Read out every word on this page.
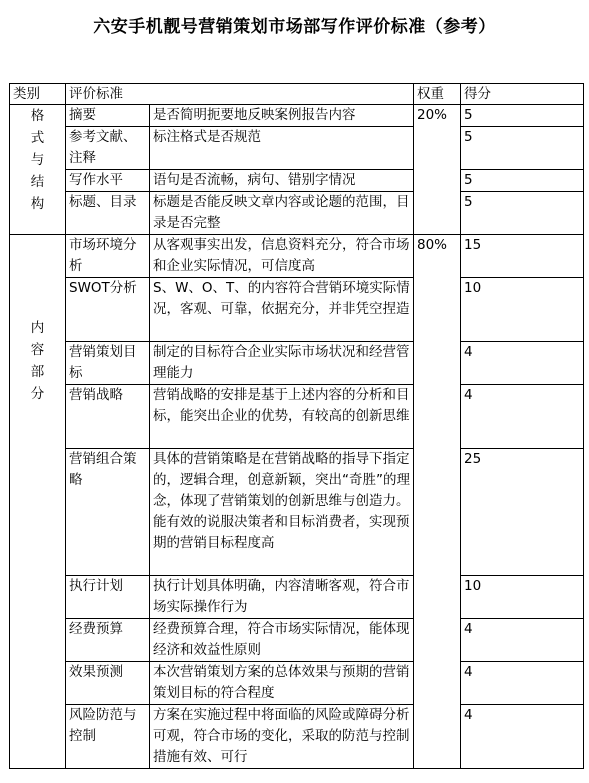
六安手机靓号营销策划市场部写作评价标准（参考）
类别	评价标准		权重	得分

格
式
与
结
构	摘要	是否简明扼要地反映案例报告内容	20%	5
	参考文献、注释	标注格式是否规范		5
	写作水平	语句是否流畅，病句、错别字情况		5
	标题、目录	标题是否能反映文章内容或论题的范围，目录是否完整		5

内
容
部
分	市场环境分析	从客观事实出发，信息资料充分，符合市场和企业实际情况，可信度高	80%	15
	SWOT分析	S、W、O、T、的内容符合营销环境实际情况，客观、可靠，依据充分，并非凭空捏造		10
	营销策划目标	制定的目标符合企业实际市场状况和经营管理能力		4
	营销战略	营销战略的安排是基于上述内容的分析和目标，能突出企业的优势，有较高的创新思维		4
	营销组合策略	具体的营销策略是在营销战略的指导下指定的，逻辑合理，创意新颖，突出“奇胜”的理念，体现了营销策划的创新思维与创造力。
能有效的说服决策者和目标消费者，实现预期的营销目标程度高		25
	执行计划	执行计划具体明确，内容清晰客观，符合市场实际操作行为		10
	经费预算	经费预算合理，符合市场实际情况，能体现经济和效益性原则		4
	效果预测	本次营销策划方案的总体效果与预期的营销策划目标的符合程度		4
	风险防范与控制	方案在实施过程中将面临的风险或障碍分析可观，符合市场的变化，采取的防范与控制措施有效、可行		4
